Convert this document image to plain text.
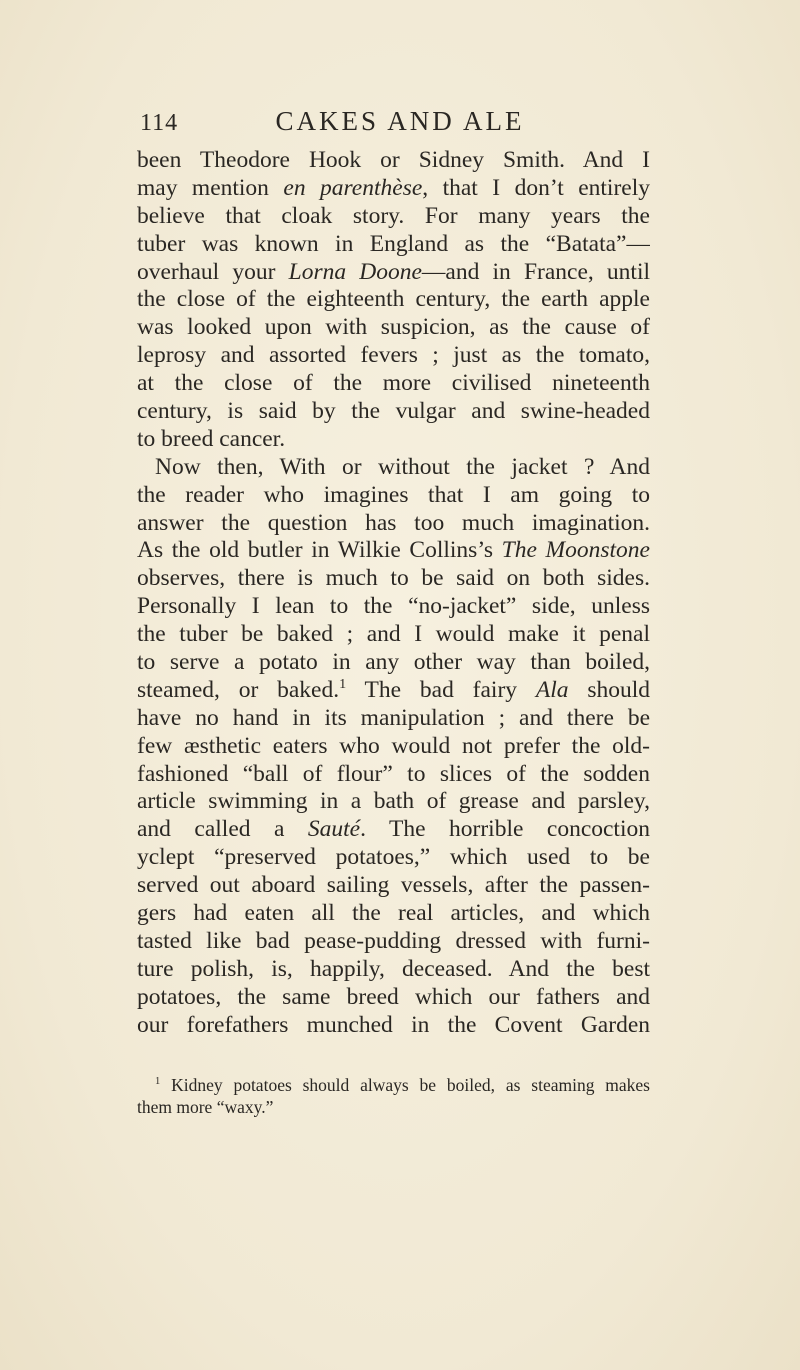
114	CAKES AND ALE
been Theodore Hook or Sidney Smith. And I
may mention en parenthèse, that I don’t entirely
believe that cloak story. For many years the
tuber was known in England as the “Batata”—
overhaul your Lorna Doone—and in France, until
the close of the eighteenth century, the earth apple
was looked upon with suspicion, as the cause of
leprosy and assorted fevers ; just as the tomato,
at the close of the more civilised nineteenth
century, is said by the vulgar and swine-headed
to breed cancer.
Now then, With or without the jacket ? And
the reader who imagines that I am going to
answer the question has too much imagination.
As the old butler in Wilkie Collins’s The Moonstone
observes, there is much to be said on both sides.
Personally I lean to the “no-jacket” side, unless
the tuber be baked ; and I would make it penal
to serve a potato in any other way than boiled,
steamed, or baked.$^1$ The bad fairy Ala should
have no hand in its manipulation ; and there be
few æsthetic eaters who would not prefer the old-
fashioned “ball of flour” to slices of the sodden
article swimming in a bath of grease and parsley,
and called a Sauté. The horrible concoction
yclept “preserved potatoes,” which used to be
served out aboard sailing vessels, after the passen-
gers had eaten all the real articles, and which
tasted like bad pease-pudding dressed with furni-
ture polish, is, happily, deceased. And the best
potatoes, the same breed which our fathers and
our forefathers munched in the Covent Garden
$^1$ Kidney potatoes should always be boiled, as steaming makes
them more “waxy.”
